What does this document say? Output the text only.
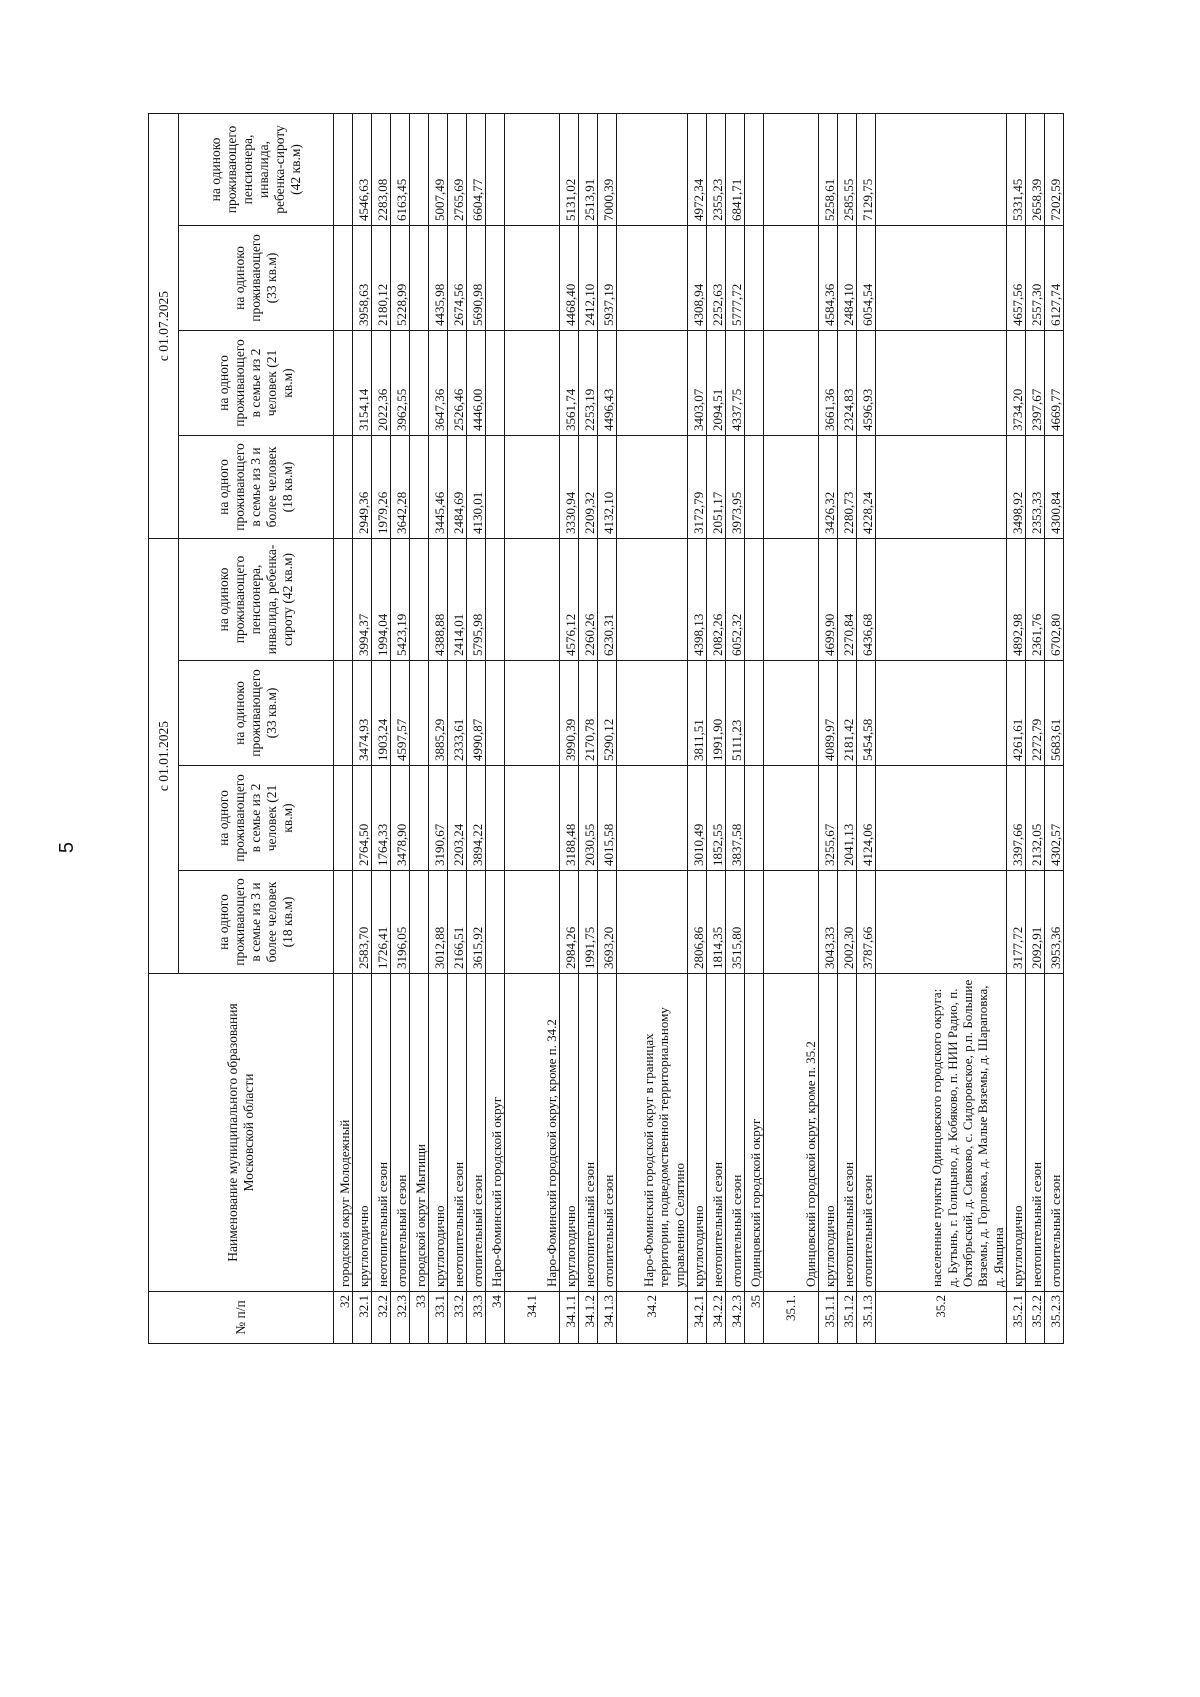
5
№ п/п	Наименование муниципального образования Московской области	с 01.01.2025				с 01.07.2025			
		на одного проживающего в семье из 3 и более человек (18 кв.м)	на одного проживающего в семье из 2 человек (21 кв.м)	на одиноко проживающего (33 кв.м)	на одиноко проживающего пенсионера, инвалида, ребенка-сироту (42 кв.м)	на одного проживающего в семье из 3 и более человек (18 кв.м)	на одного проживающего в семье из 2 человек (21 кв.м)	на одиноко проживающего (33 кв.м)	на одиноко проживающего пенсионера, инвалида, ребенка-сироту (42 кв.м)
32	городской округ Молодежный								
32.1	круглогодично	2583,70	2764,50	3474,93	3994,37	2949,36	3154,14	3958,63	4546,63
32.2	неотопительный сезон	1726,41	1764,33	1903,24	1994,04	1979,26	2022,36	2180,12	2283,08
32.3	отопительный сезон	3196,05	3478,90	4597,57	5423,19	3642,28	3962,55	5228,99	6163,45
33	городской округ Мытищи								
33.1	круглогодично	3012,88	3190,67	3885,29	4388,88	3445,46	3647,36	4435,98	5007,49
33.2	неотопительный сезон	2166,51	2203,24	2333,61	2414,01	2484,69	2526,46	2674,56	2765,69
33.3	отопительный сезон	3615,92	3894,22	4990,87	5795,98	4130,01	4446,00	5690,98	6604,77
34	Наро-Фоминский городской округ								
34.1	Наро-Фоминский городской округ, кроме п. 34.2								
34.1.1	круглогодично	2984,26	3188,48	3990,39	4576,12	3330,94	3561,74	4468,40	5131,02
34.1.2	неотопительный сезон	1991,75	2030,55	2170,78	2260,26	2209,32	2253,19	2412,10	2513,91
34.1.3	отопительный сезон	3693,20	4015,58	5290,12	6230,31	4132,10	4496,43	5937,19	7000,39
34.2	Наро-Фоминский городской округ в границах территории, подведомственной территориальному управлению Селятино								
34.2.1	круглогодично	2806,86	3010,49	3811,51	4398,13	3172,79	3403,07	4308,94	4972,34
34.2.2	неотопительный сезон	1814,35	1852,55	1991,90	2082,26	2051,17	2094,51	2252,63	2355,23
34.2.3	отопительный сезон	3515,80	3837,58	5111,23	6052,32	3973,95	4337,75	5777,72	6841,71
35	Одинцовский городской округ								
35.1.	Одинцовский городской округ, кроме п. 35.2								
35.1.1	круглогодично	3043,33	3255,67	4089,97	4699,90	3426,32	3661,36	4584,36	5258,61
35.1.2	неотопительный сезон	2002,30	2041,13	2181,42	2270,84	2280,73	2324,83	2484,10	2585,55
35.1.3	отопительный сезон	3787,66	4124,06	5454,58	6436,68	4228,24	4596,93	6054,54	7129,75
35.2	населенные пункты Одинцовского городского округа: д. Бутынь, г. Голицыно, д. Кобяково, п. НИИ Радио, п. Октябрьский, д. Сивково, с. Сидоровское, р.п. Большие Вяземы, д. Горловка, д. Малые Вяземы, д. Шараповка, д. Ямщина								
35.2.1	круглогодично	3177,72	3397,66	4261,61	4892,98	3498,92	3734,20	4657,56	5331,45
35.2.2	неотопительный сезон	2092,91	2132,05	2272,79	2361,76	2353,33	2397,67	2557,30	2658,39
35.2.3	отопительный сезон	3953,36	4302,57	5683,61	6702,80	4300,84	4669,77	6127,74	7202,59
